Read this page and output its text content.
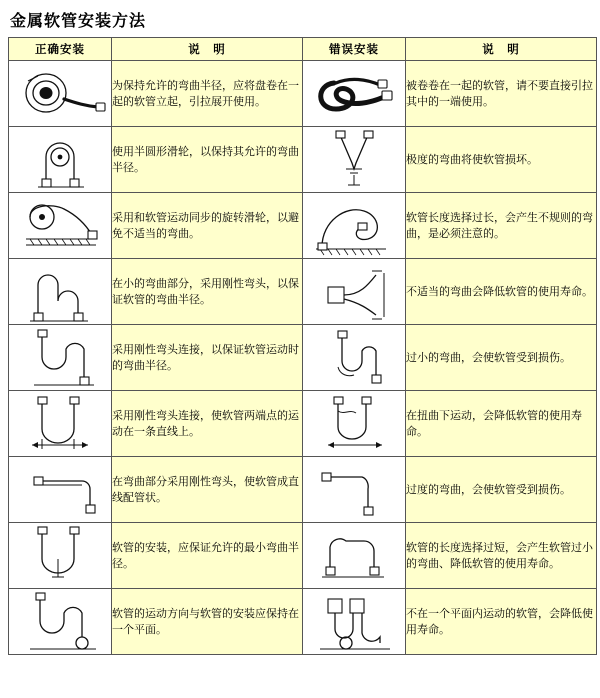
金属软管安装方法
正确安装	说　明	错误安装	说　明

	为保持允许的弯曲半径，应将盘卷在一起的软管立起，引拉展开使用。		被卷卷在一起的软管，请不要直接引拉其中的一端使用。

	使用半圆形滑轮，以保持其允许的弯曲半径。		极度的弯曲将使软管损坏。

	采用和软管运动同步的旋转滑轮，以避免不适当的弯曲。		软管长度选择过长，会产生不规则的弯曲，是必须注意的。

	在小的弯曲部分，采用刚性弯头，以保证软管的弯曲半径。		不适当的弯曲会降低软管的使用寿命。

	采用刚性弯头连接，以保证软管运动时的弯曲半径。		过小的弯曲，会使软管受到损伤。

	采用刚性弯头连接，使软管两端点的运动在一条直线上。		在扭曲下运动，会降低软管的使用寿命。

	在弯曲部分采用刚性弯头，使软管成直线配管状。		过度的弯曲，会使软管受到损伤。

	软管的安装，应保证允许的最小弯曲半径。		软管的长度选择过短，会产生软管过小的弯曲、降低软管的使用寿命。

	软管的运动方向与软管的安装应保持在一个平面。		不在一个平面内运动的软管，会降低使用寿命。
